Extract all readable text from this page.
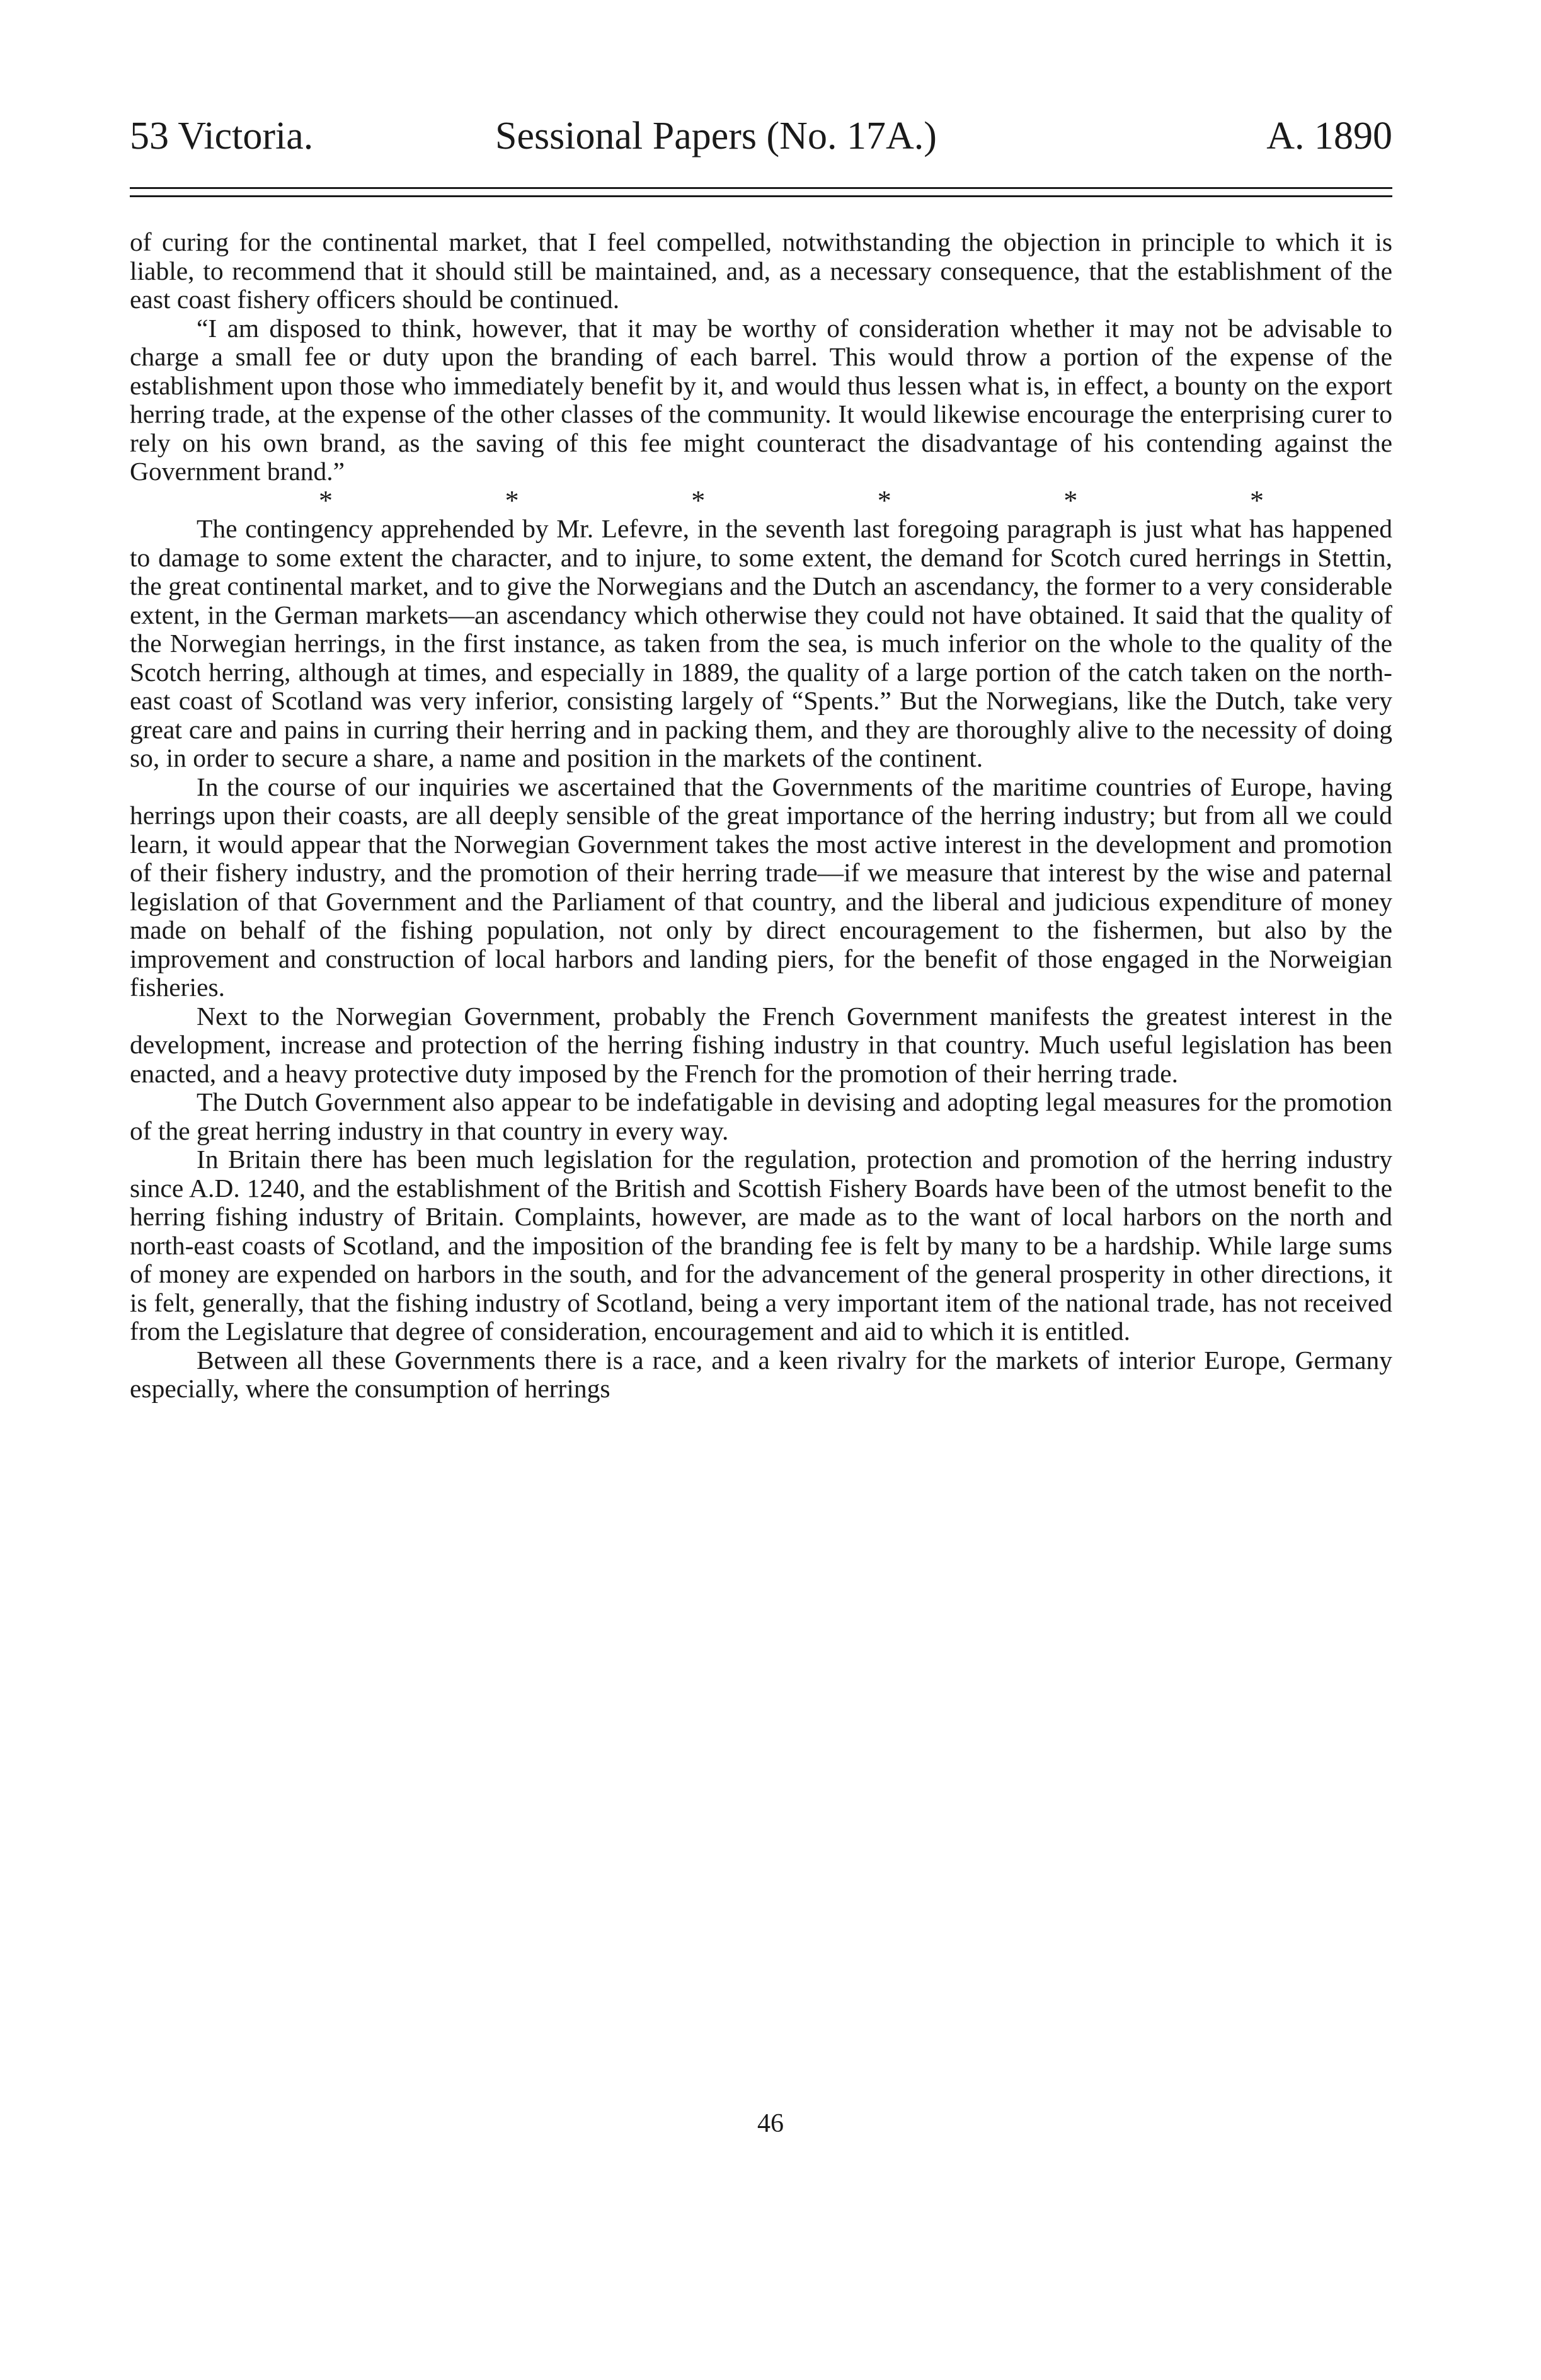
53 Victoria.	Sessional Papers (No. 17A.)	A. 1890

of curing for the continental market, that I feel compelled, notwithstanding the objection in principle to which it is liable, to recommend that it should still be maintained, and, as a necessary consequence, that the establishment of the east coast fishery officers should be continued.

“I am disposed to think, however, that it may be worthy of consideration whether it may not be advisable to charge a small fee or duty upon the branding of each barrel. This would throw a portion of the expense of the establishment upon those who immediately benefit by it, and would thus lessen what is, in effect, a bounty on the export herring trade, at the expense of the other classes of the community. It would likewise encourage the enterprising curer to rely on his own brand, as the saving of this fee might counteract the disadvantage of his contending against the Government brand.”

*	*	*	*	*	*

The contingency apprehended by Mr. Lefevre, in the seventh last foregoing paragraph is just what has happened to damage to some extent the character, and to injure, to some extent, the demand for Scotch cured herrings in Stettin, the great continental market, and to give the Norwegians and the Dutch an ascendancy, the former to a very considerable extent, in the German markets—an ascendancy which otherwise they could not have obtained. It said that the quality of the Norwegian herrings, in the first instance, as taken from the sea, is much inferior on the whole to the quality of the Scotch herring, although at times, and especially in 1889, the quality of a large portion of the catch taken on the north-east coast of Scotland was very inferior, consisting largely of “Spents.” But the Norwegians, like the Dutch, take very great care and pains in curring their herring and in packing them, and they are thoroughly alive to the necessity of doing so, in order to secure a share, a name and position in the markets of the continent.

In the course of our inquiries we ascertained that the Governments of the maritime countries of Europe, having herrings upon their coasts, are all deeply sensible of the great importance of the herring industry; but from all we could learn, it would appear that the Norwegian Government takes the most active interest in the development and promotion of their fishery industry, and the promotion of their herring trade—if we measure that interest by the wise and paternal legislation of that Government and the Parliament of that country, and the liberal and judicious expenditure of money made on behalf of the fishing population, not only by direct encouragement to the fishermen, but also by the improvement and construction of local harbors and landing piers, for the benefit of those engaged in the Norweigian fisheries.

Next to the Norwegian Government, probably the French Government manifests the greatest interest in the development, increase and protection of the herring fishing industry in that country. Much useful legislation has been enacted, and a heavy protective duty imposed by the French for the promotion of their herring trade.

The Dutch Government also appear to be indefatigable in devising and adopting legal measures for the promotion of the great herring industry in that country in every way.

In Britain there has been much legislation for the regulation, protection and promotion of the herring industry since A.D. 1240, and the establishment of the British and Scottish Fishery Boards have been of the utmost benefit to the herring fishing industry of Britain. Complaints, however, are made as to the want of local harbors on the north and north-east coasts of Scotland, and the imposition of the branding fee is felt by many to be a hardship. While large sums of money are expended on harbors in the south, and for the advancement of the general prosperity in other directions, it is felt, generally, that the fishing industry of Scotland, being a very important item of the national trade, has not received from the Legislature that degree of consideration, encouragement and aid to which it is entitled.

Between all these Governments there is a race, and a keen rivalry for the markets of interior Europe, Germany especially, where the consumption of herrings

46
